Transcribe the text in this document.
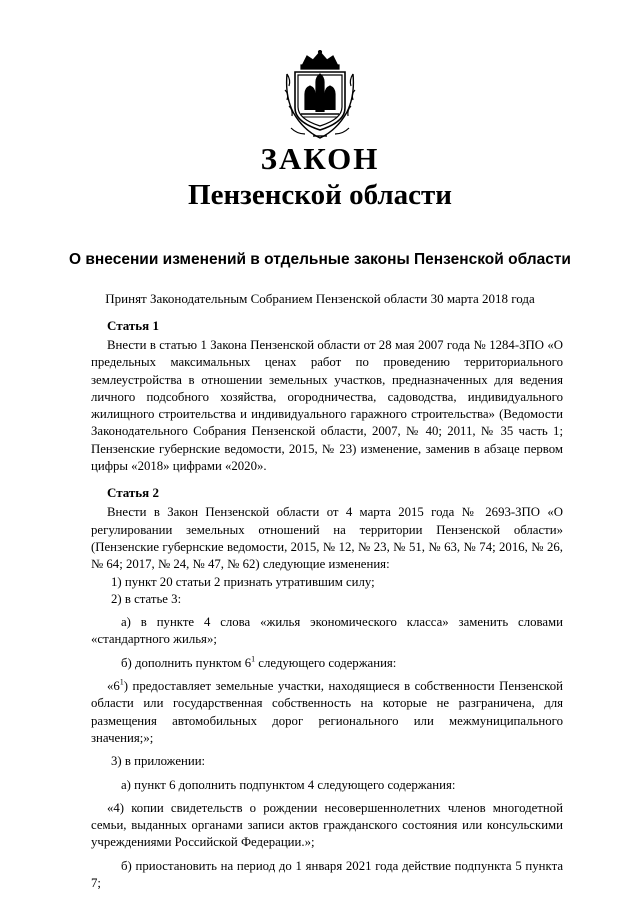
ЗАКОН
Пензенской области
О внесении изменений в отдельные законы Пензенской области
Принят Законодательным Собранием Пензенской области 30 марта 2018 года

Статья 1

Внести в статью 1 Закона Пензенской области от 28 мая 2007 года № 1284-ЗПО «О предельных максимальных ценах работ по проведению территориального землеустройства в отношении земельных участков, предназначенных для ведения личного подсобного хозяйства, огородничества, садоводства, индивидуального жилищного строительства и индивидуального гаражного строительства» (Ведомости Законодательного Собрания Пензенской области, 2007, № 40; 2011, № 35 часть 1; Пензенские губернские ведомости, 2015, № 23) изменение, заменив в абзаце первом цифры «2018» цифрами «2020».

Статья 2

Внести в Закон Пензенской области от 4 марта 2015 года № 2693-ЗПО «О регулировании земельных отношений на территории Пензенской области» (Пензенские губернские ведомости, 2015, № 12, № 23, № 51, № 63, № 74; 2016, № 26, № 64; 2017, № 24, № 47, № 62) следующие изменения:

1) пункт 20 статьи 2 признать утратившим силу;

2) в статье 3:

а) в пункте 4 слова «жилья экономического класса» заменить словами «стандартного жилья»;

б) дополнить пунктом $6^1$ следующего содержания:

«$6^1$) предоставляет земельные участки, находящиеся в собственности Пензенской области или государственная собственность на которые не разграничена, для размещения автомобильных дорог регионального или межмуниципального значения;»;

3) в приложении:

а) пункт 6 дополнить подпунктом 4 следующего содержания:

«4) копии свидетельств о рождении несовершеннолетних членов многодетной семьи, выданных органами записи актов гражданского состояния или консульскими учреждениями Российской Федерации.»;

б) приостановить на период до 1 января 2021 года действие подпункта 5 пункта 7;
